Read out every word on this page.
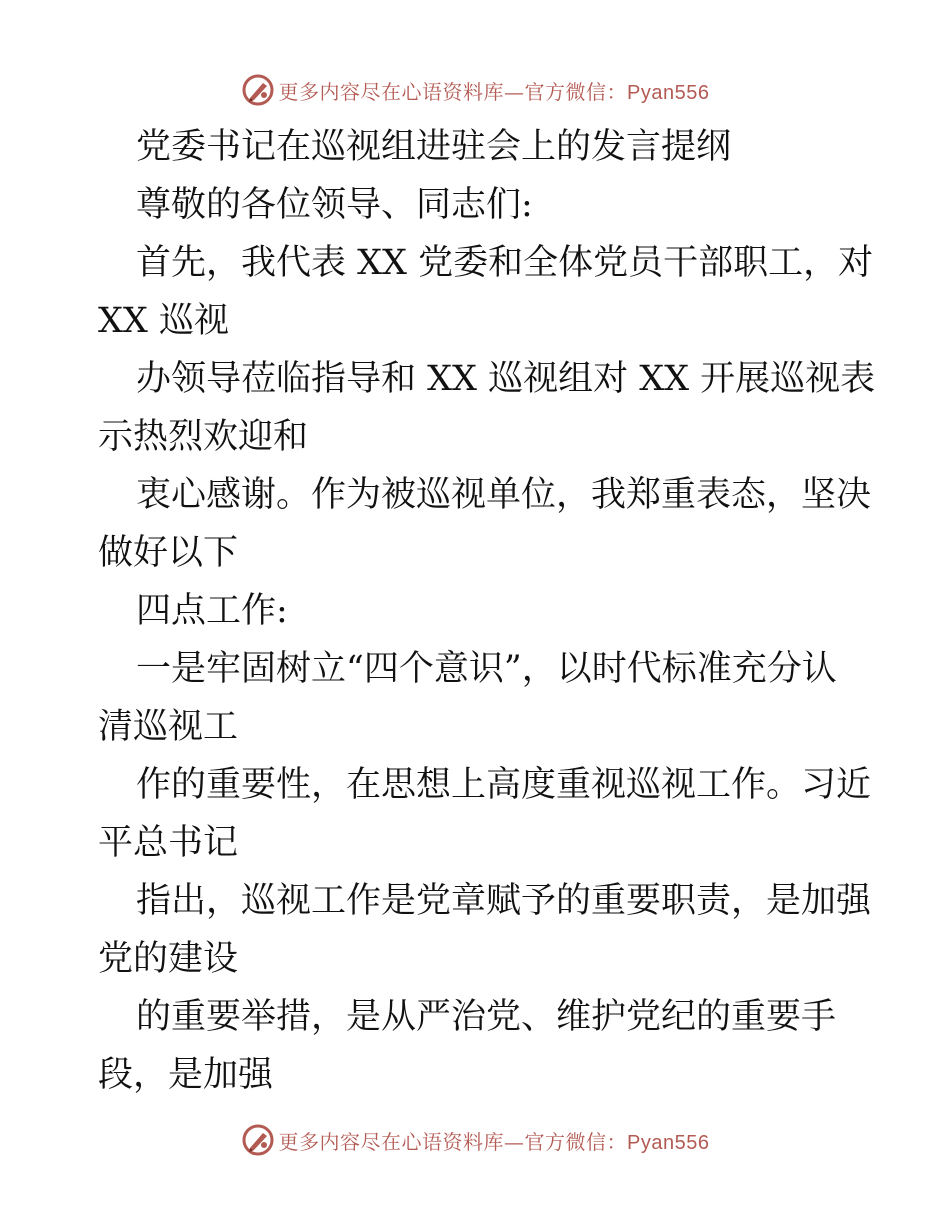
更多内容尽在心语资料库—官方微信：Pyan556
党委书记在巡视组进驻会上的发言提纲
尊敬的各位领导、同志们:
首先，我代表 XX 党委和全体党员干部职工，对
XX 巡视
办领导莅临指导和 XX 巡视组对 XX 开展巡视表
示热烈欢迎和
衷心感谢。作为被巡视单位，我郑重表态，坚决
做好以下
四点工作:
一是牢固树立“四个意识”，以时代标准充分认
清巡视工
作的重要性，在思想上高度重视巡视工作。习近
平总书记
指出，巡视工作是党章赋予的重要职责，是加强
党的建设
的重要举措，是从严治党、维护党纪的重要手
段，是加强
更多内容尽在心语资料库—官方微信：Pyan556
